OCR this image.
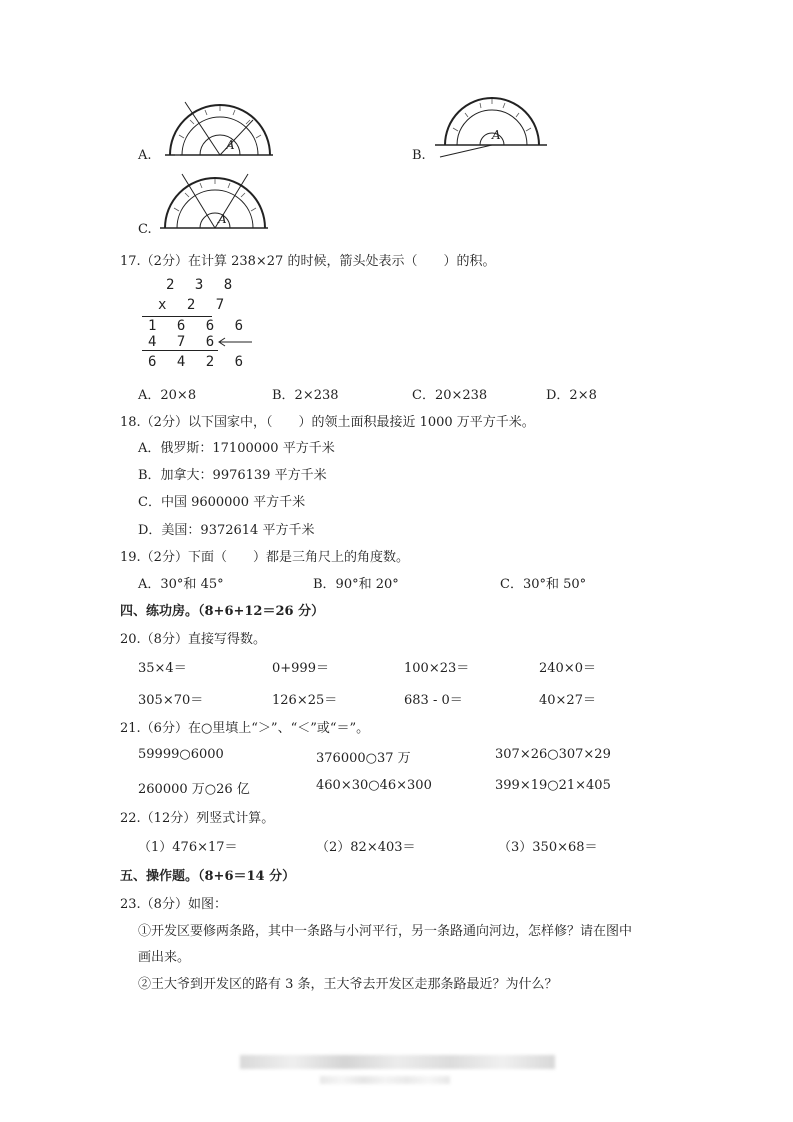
A.
A
B.
A
C.
A
17.（2分）在计算 238×27 的时候，箭头处表示（　　）的积。
2 3 8
x 2 7
1 6 6 6
4 7 6
6 4 2 6
A．20×8	B．2×238	C．20×238	D．2×8
18.（2分）以下国家中，（　　）的领土面积最接近 1000 万平方千米。
A．俄罗斯：17100000 平方千米
B．加拿大：9976139 平方千米
C．中国 9600000 平方千米
D．美国：9372614 平方千米
19.（2分）下面（　　）都是三角尺上的角度数。
A．30°和 45°	B．90°和 20°	C．30°和 50°
四、练功房。（8+6+12＝26 分）
20.（8分）直接写得数。
35×4＝	0+999＝	100×23＝	240×0＝
305×70＝	126×25＝	683 - 0＝	40×27＝
21.（6分）在○里填上“＞”、“＜”或“＝”。
59999○6000	376000○37 万	307×26○307×29
260000 万○26 亿	460×30○46×300	399×19○21×405
22.（12分）列竖式计算。
（1）476×17＝	（2）82×403＝	（3）350×68＝
五、操作题。（8+6＝14 分）
23.（8分）如图：
①开发区要修两条路，其中一条路与小河平行，另一条路通向河边，怎样修？请在图中
画出来。
②王大爷到开发区的路有 3 条，王大爷去开发区走那条路最近？为什么？
